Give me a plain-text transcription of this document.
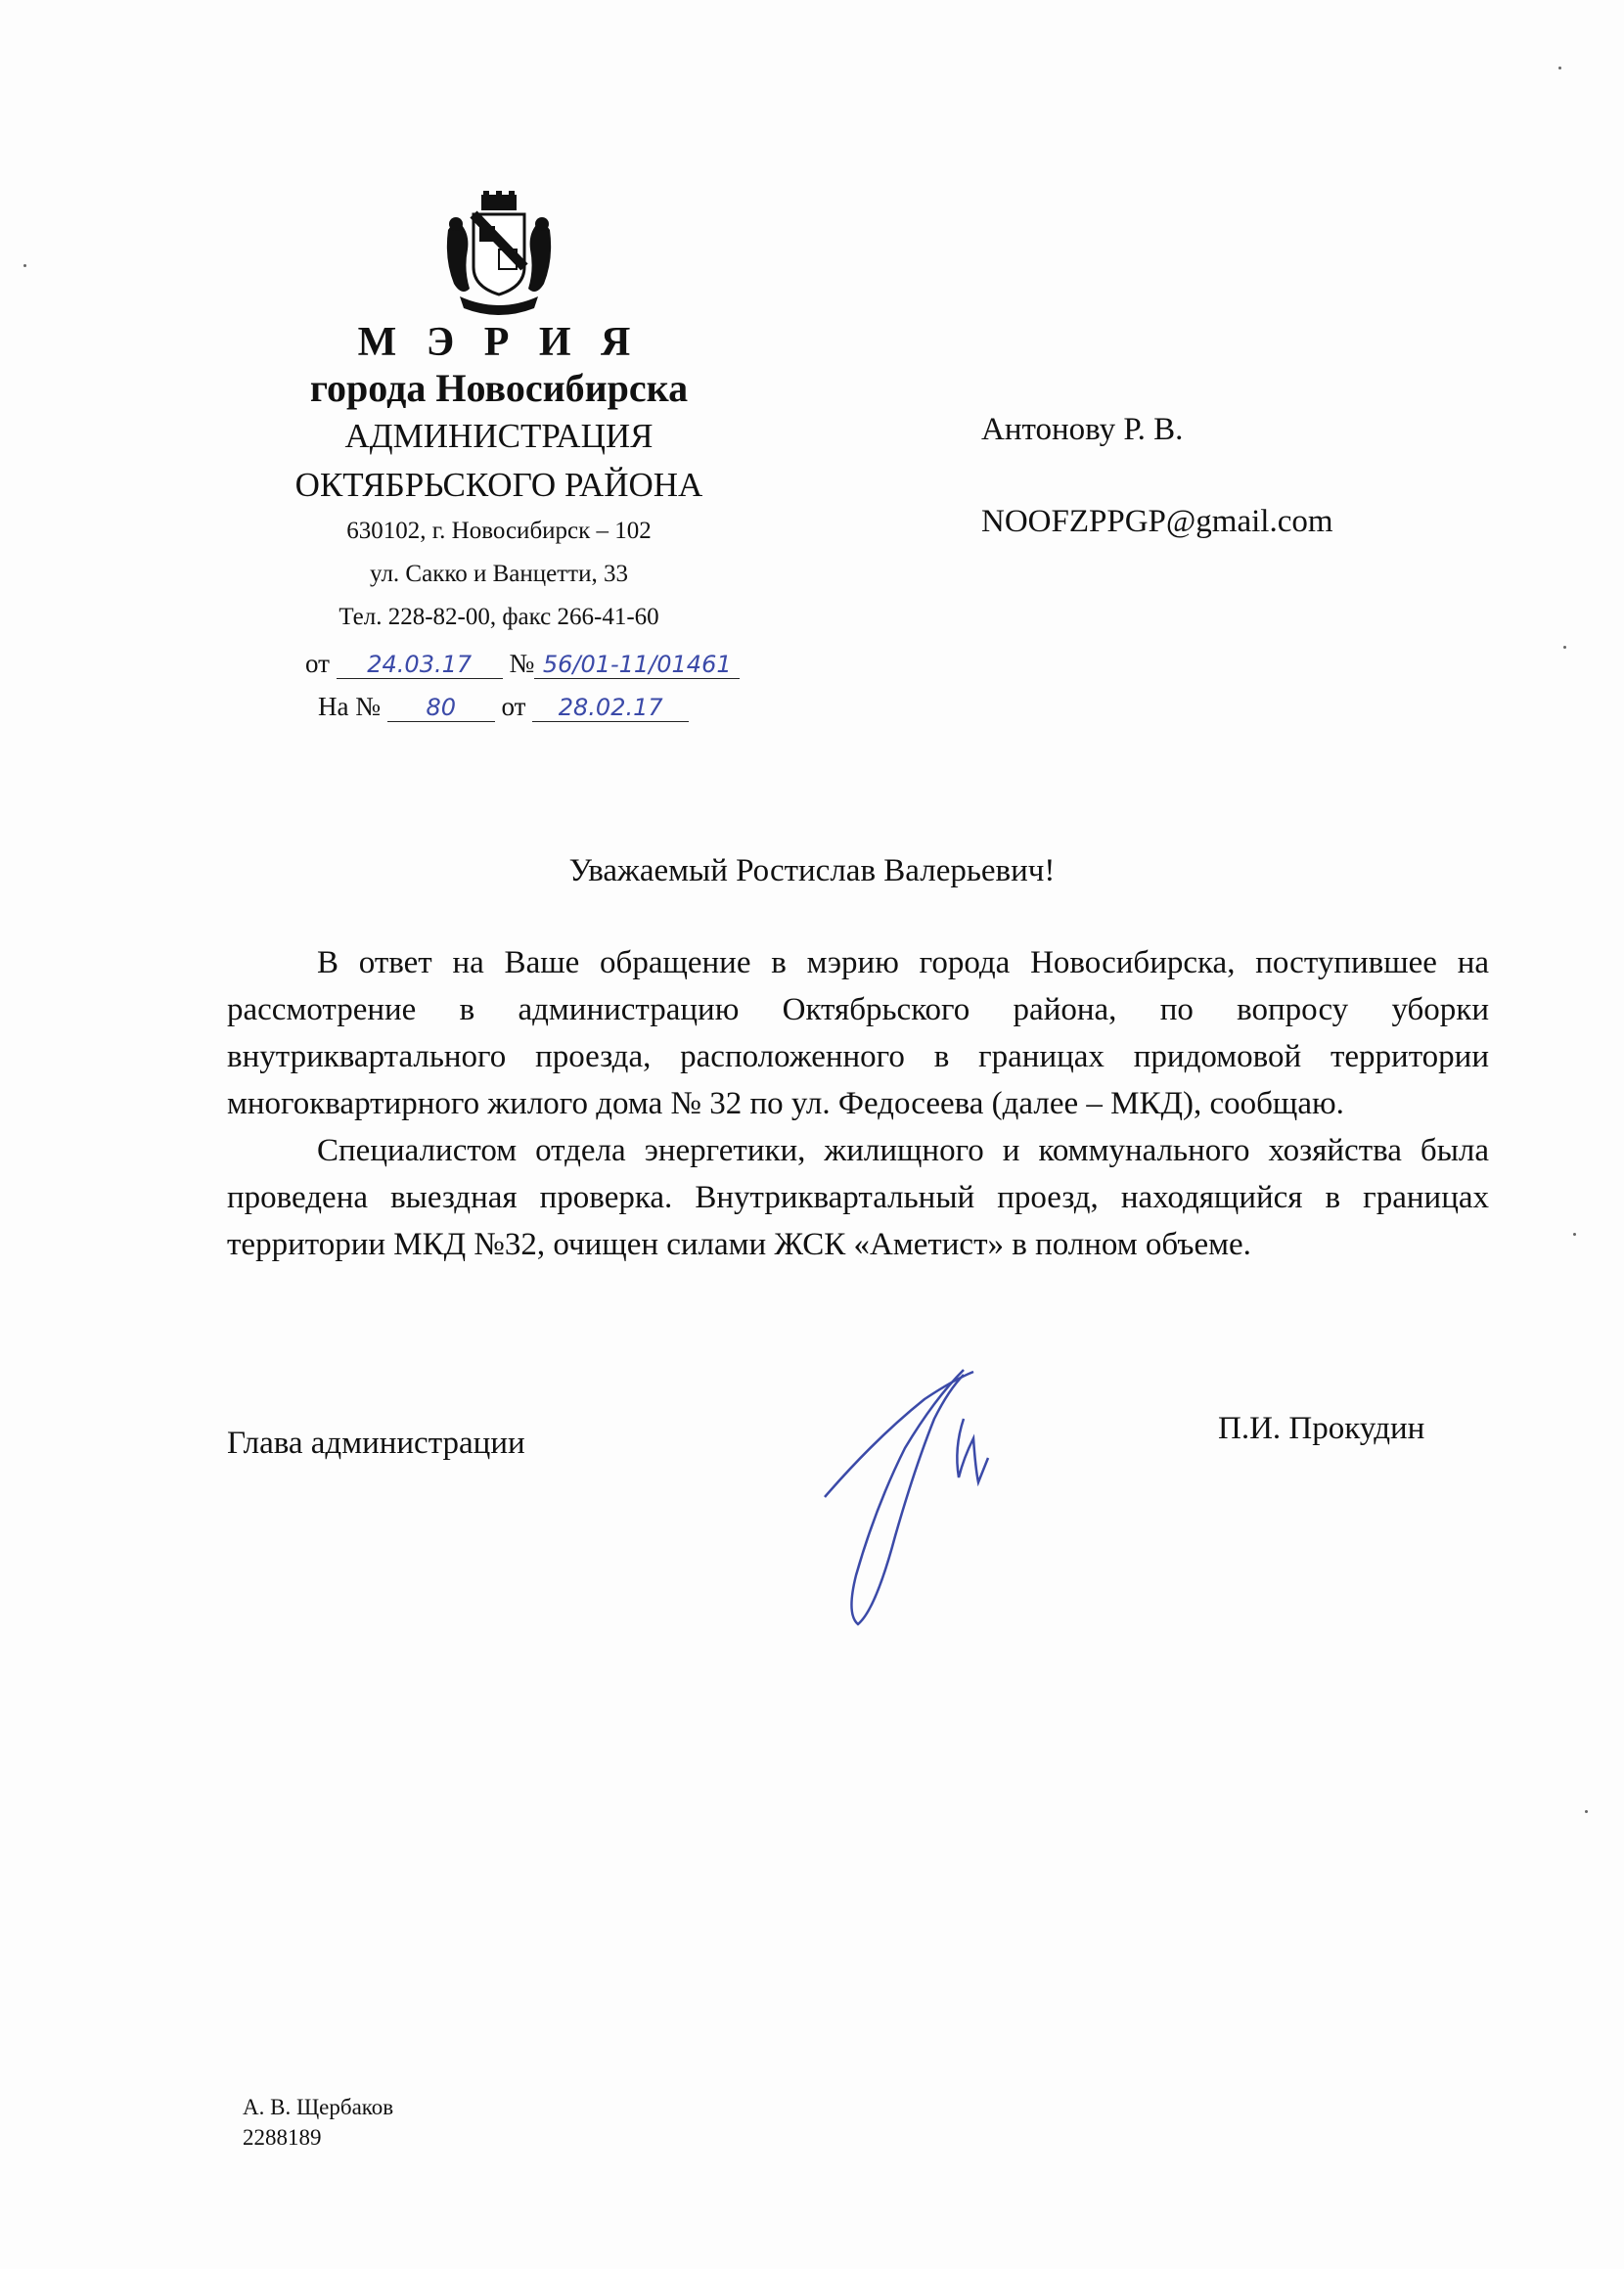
М Э Р И Я
города Новосибирска
АДМИНИСТРАЦИЯ
ОКТЯБРЬСКОГО РАЙОНА
630102, г. Новосибирск – 102
ул. Сакко и Ванцетти, 33
Тел. 228-82-00, факс 266-41-60
от 24.03.17 № 56/01-11/01461
На № 80 от 28.02.17
Антонову Р. В.
NOOFZPPGP@gmail.com
Уважаемый Ростислав Валерьевич!

В ответ на Ваше обращение в мэрию города Новосибирска, поступившее на рассмотрение в администрацию Октябрьского района, по вопросу уборки внутриквартального проезда, расположенного в границах придомовой территории многоквартирного жилого дома № 32 по ул. Федосеева (далее – МКД), сообщаю.

Специалистом отдела энергетики, жилищного и коммунального хозяйства была проведена выездная проверка. Внутриквартальный проезд, находящийся в границах территории МКД №32, очищен силами ЖСК «Аметист» в полном объеме.

Глава администрации	П.И. Прокудин
А. В. Щербаков
2288189
